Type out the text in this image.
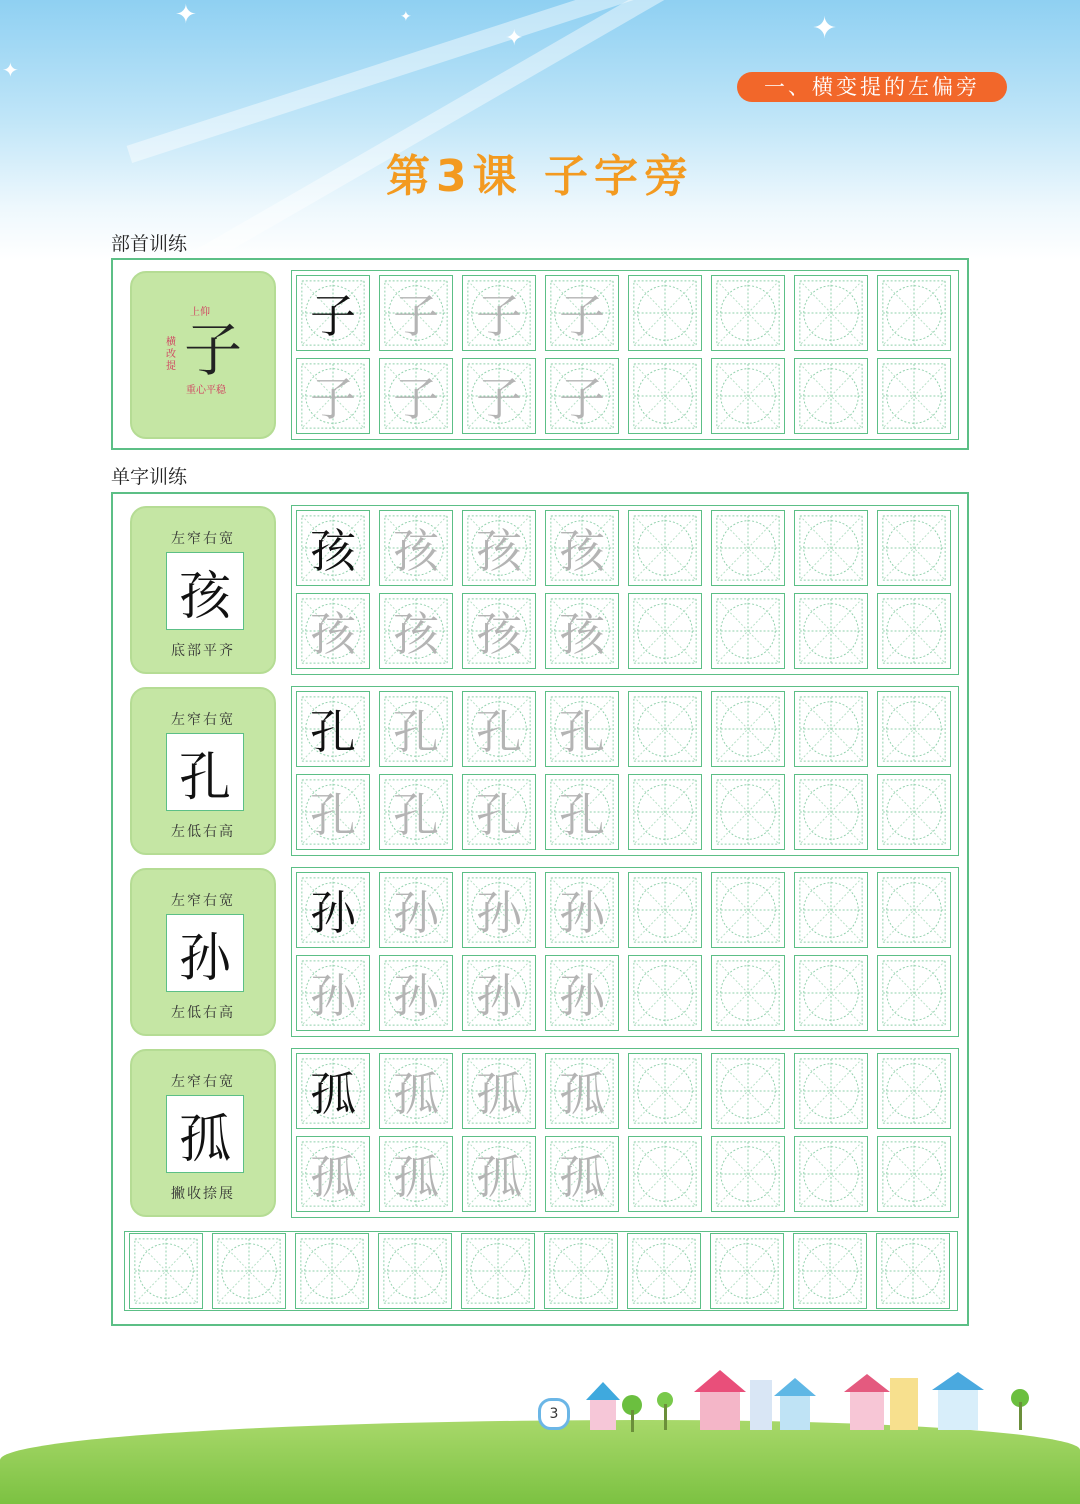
✦
✦	✦
✦
✦
一、横变提的左偏旁
第3课 子字旁
部首训练
上仰
横改提
重心平稳
子 子 子 子 子
子 子 子 子
单字训练
左窄右宽
孩
底部平齐
孩 孩 孩 孩
孩 孩 孩 孩
左窄右宽
孔
左低右高
孔 孔 孔 孔
孔 孔 孔 孔
左窄右宽
孙
左低右高
孙 孙 孙 孙
孙 孙 孙 孙
左窄右宽
孤
撇收捺展
孤 孤 孤 孤
孤 孤 孤 孤
3
